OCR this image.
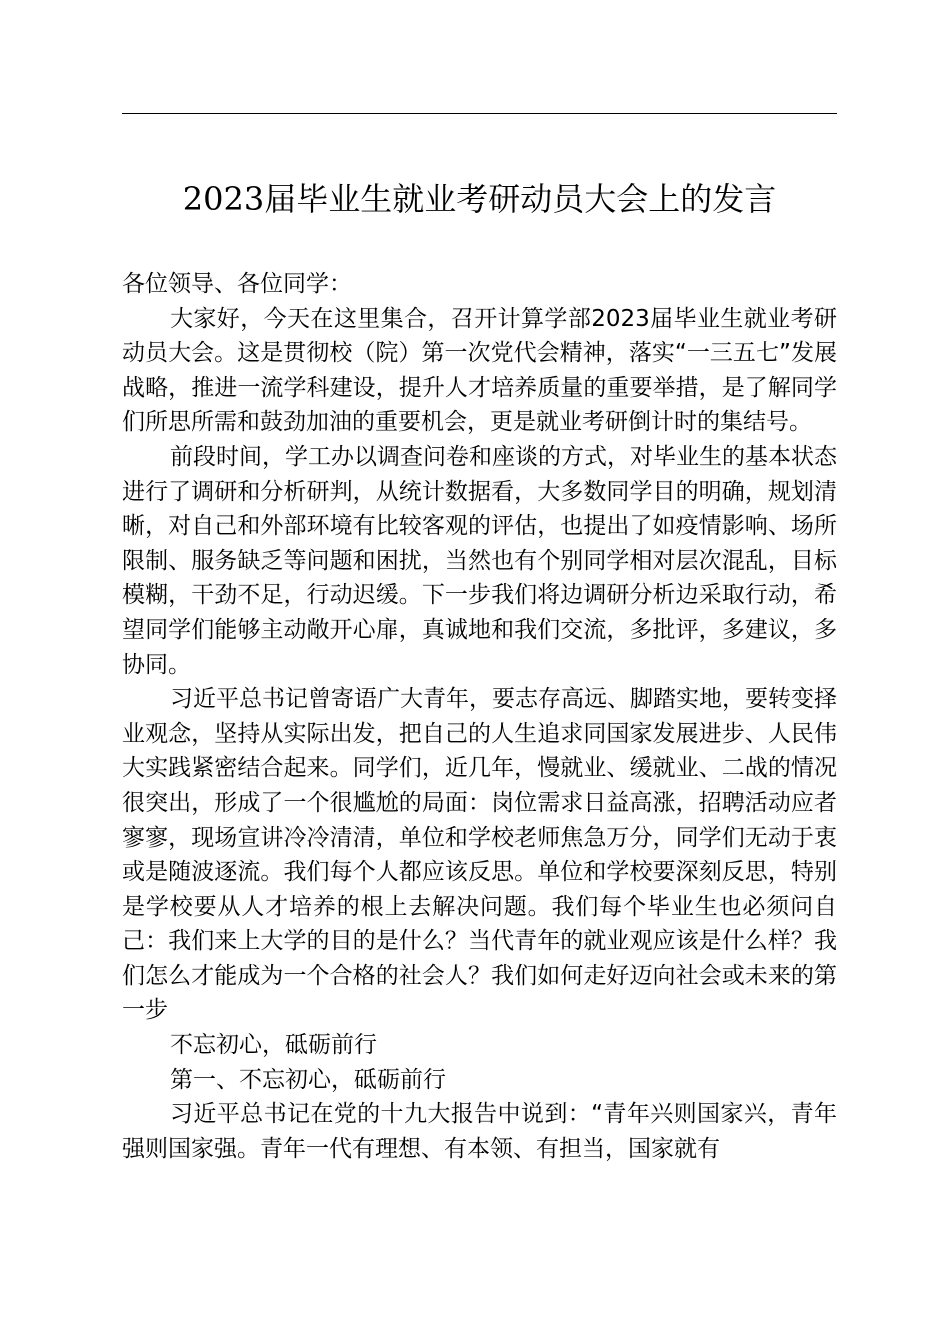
2023届毕业生就业考研动员大会上的发言

各位领导、各位同学：

大家好，今天在这里集合，召开计算学部2023届毕业生就业考研动员大会。这是贯彻校（院）第一次党代会精神，落实“一三五七”发展战略，推进一流学科建设，提升人才培养质量的重要举措，是了解同学们所思所需和鼓劲加油的重要机会，更是就业考研倒计时的集结号。

前段时间，学工办以调查问卷和座谈的方式，对毕业生的基本状态进行了调研和分析研判，从统计数据看，大多数同学目的明确，规划清晰，对自己和外部环境有比较客观的评估，也提出了如疫情影响、场所限制、服务缺乏等问题和困扰，当然也有个别同学相对层次混乱，目标模糊，干劲不足，行动迟缓。下一步我们将边调研分析边采取行动，希望同学们能够主动敞开心扉，真诚地和我们交流，多批评，多建议，多协同。

习近平总书记曾寄语广大青年，要志存高远、脚踏实地，要转变择业观念，坚持从实际出发，把自己的人生追求同国家发展进步、人民伟大实践紧密结合起来。同学们，近几年，慢就业、缓就业、二战的情况很突出，形成了一个很尴尬的局面：岗位需求日益高涨，招聘活动应者寥寥，现场宣讲冷冷清清，单位和学校老师焦急万分，同学们无动于衷或是随波逐流。我们每个人都应该反思。单位和学校要深刻反思，特别是学校要从人才培养的根上去解决问题。我们每个毕业生也必须问自己：我们来上大学的目的是什么？当代青年的就业观应该是什么样？我们怎么才能成为一个合格的社会人？我们如何走好迈向社会或未来的第一步

不忘初心，砥砺前行

第一、不忘初心，砥砺前行

习近平总书记在党的十九大报告中说到：“青年兴则国家兴，青年强则国家强。青年一代有理想、有本领、有担当，国家就有
